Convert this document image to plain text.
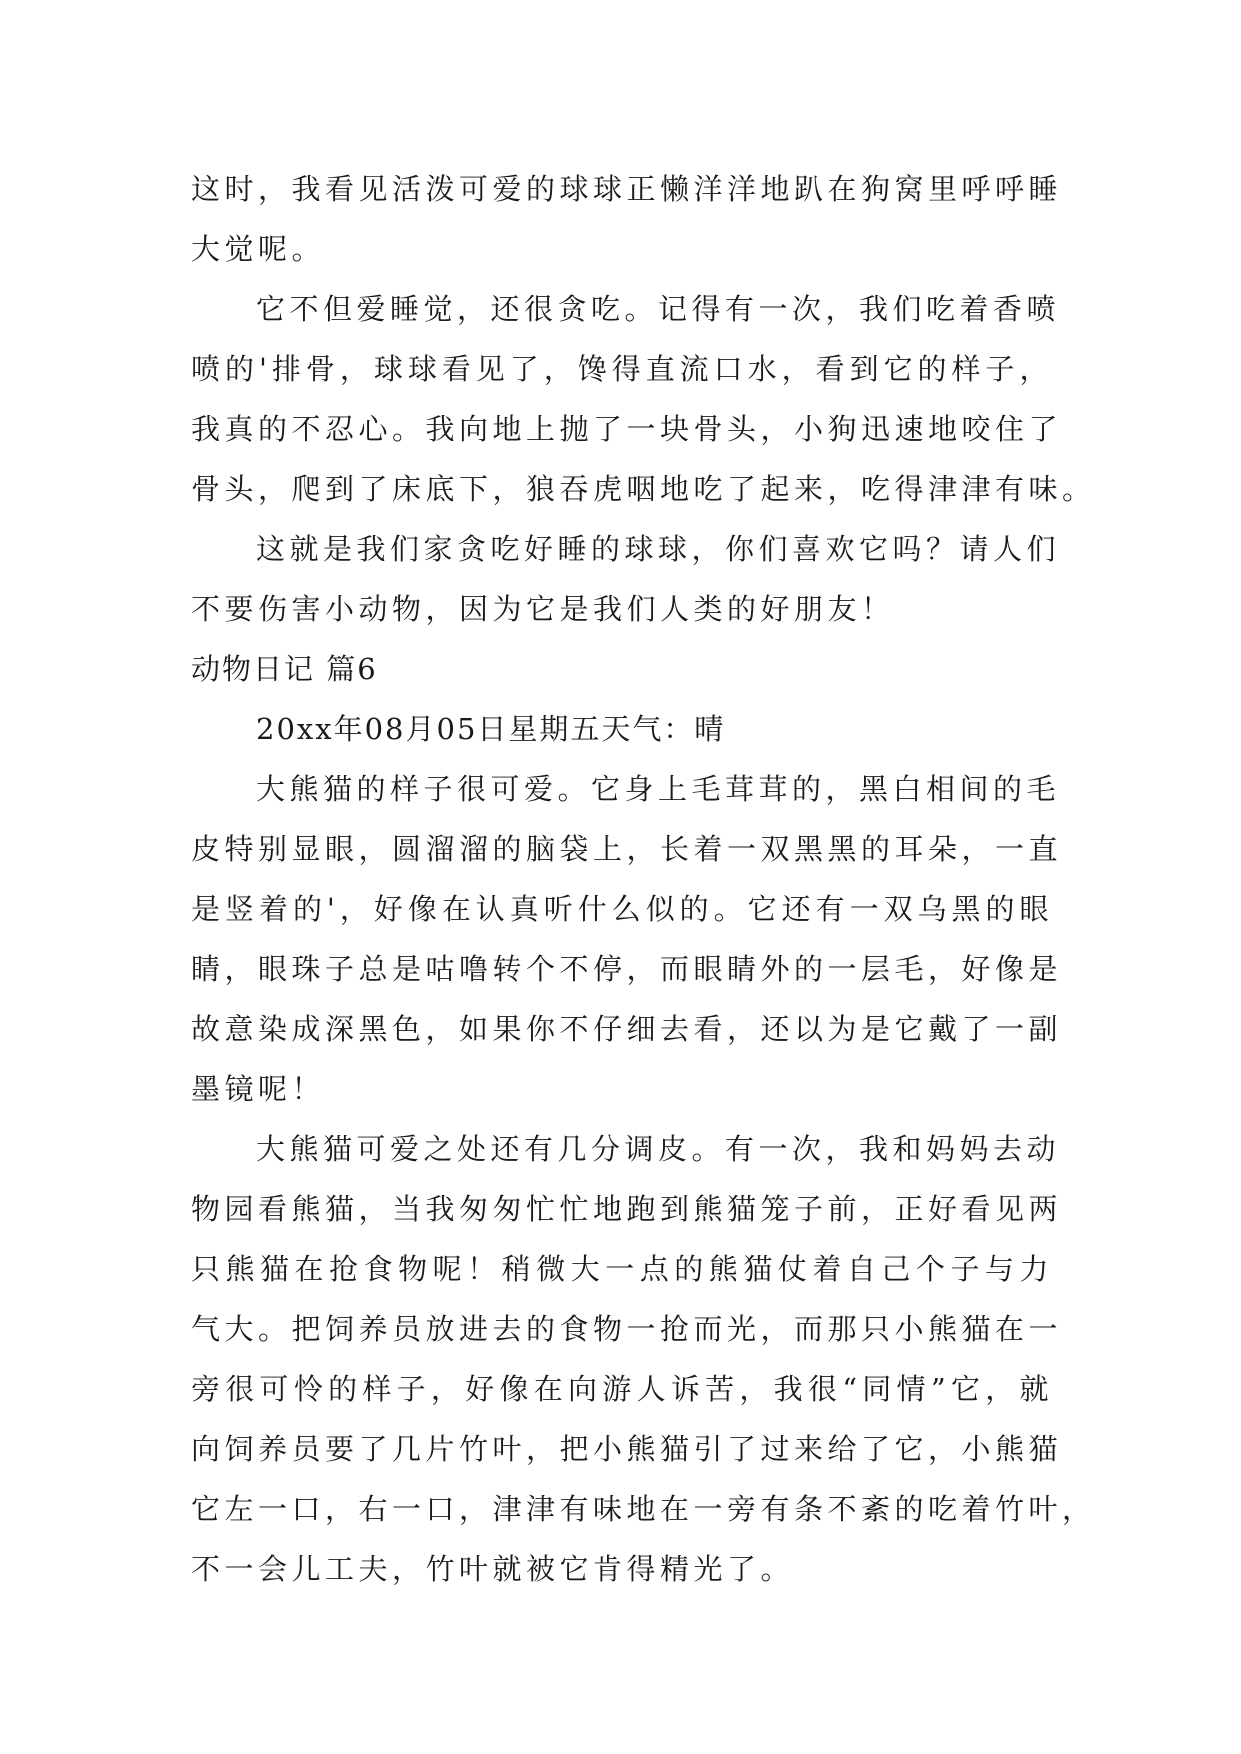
这时，我看见活泼可爱的球球正懒洋洋地趴在狗窝里呼呼睡
大觉呢。
它不但爱睡觉，还很贪吃。记得有一次，我们吃着香喷
喷的'排骨，球球看见了，馋得直流口水，看到它的样子，
我真的不忍心。我向地上抛了一块骨头，小狗迅速地咬住了
骨头，爬到了床底下，狼吞虎咽地吃了起来，吃得津津有味。
这就是我们家贪吃好睡的球球，你们喜欢它吗？请人们
不要伤害小动物，因为它是我们人类的好朋友！
动物日记 篇6
20xx年08月05日星期五天气：晴
大熊猫的样子很可爱。它身上毛茸茸的，黑白相间的毛
皮特别显眼，圆溜溜的脑袋上，长着一双黑黑的耳朵，一直
是竖着的'，好像在认真听什么似的。它还有一双乌黑的眼
睛，眼珠子总是咕噜转个不停，而眼睛外的一层毛，好像是
故意染成深黑色，如果你不仔细去看，还以为是它戴了一副
墨镜呢！
大熊猫可爱之处还有几分调皮。有一次，我和妈妈去动
物园看熊猫，当我匆匆忙忙地跑到熊猫笼子前，正好看见两
只熊猫在抢食物呢！稍微大一点的熊猫仗着自己个子与力
气大。把饲养员放进去的食物一抢而光，而那只小熊猫在一
旁很可怜的样子，好像在向游人诉苦，我很“同情”它，就
向饲养员要了几片竹叶，把小熊猫引了过来给了它，小熊猫
它左一口，右一口，津津有味地在一旁有条不紊的吃着竹叶，
不一会儿工夫，竹叶就被它肯得精光了。
